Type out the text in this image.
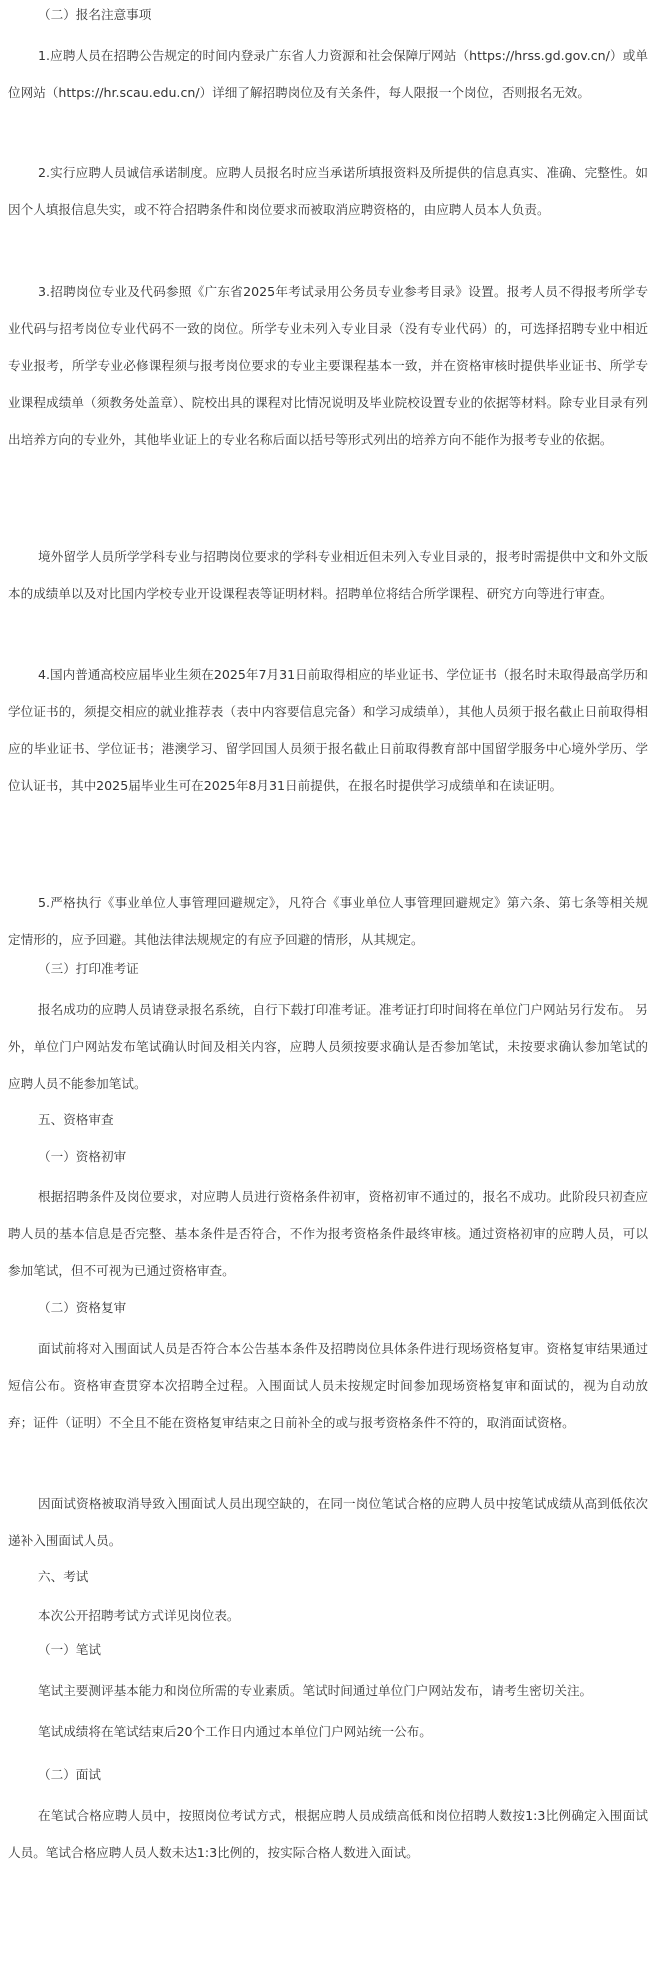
（二）报名注意事项

1.应聘人员在招聘公告规定的时间内登录广东省人力资源和社会保障厅网站（https://hrss.gd.gov.cn/）或单位网站（https://hr.scau.edu.cn/）详细了解招聘岗位及有关条件，每人限报一个岗位，否则报名无效。

2.实行应聘人员诚信承诺制度。应聘人员报名时应当承诺所填报资料及所提供的信息真实、准确、完整性。如因个人填报信息失实，或不符合招聘条件和岗位要求而被取消应聘资格的，由应聘人员本人负责。

3.招聘岗位专业及代码参照《广东省2025年考试录用公务员专业参考目录》设置。报考人员不得报考所学专业代码与招考岗位专业代码不一致的岗位。所学专业未列入专业目录（没有专业代码）的，可选择招聘专业中相近专业报考，所学专业必修课程须与报考岗位要求的专业主要课程基本一致，并在资格审核时提供毕业证书、所学专业课程成绩单（须教务处盖章）、院校出具的课程对比情况说明及毕业院校设置专业的依据等材料。除专业目录有列出培养方向的专业外，其他毕业证上的专业名称后面以括号等形式列出的培养方向不能作为报考专业的依据。

境外留学人员所学学科专业与招聘岗位要求的学科专业相近但未列入专业目录的，报考时需提供中文和外文版本的成绩单以及对比国内学校专业开设课程表等证明材料。招聘单位将结合所学课程、研究方向等进行审查。

4.国内普通高校应届毕业生须在2025年7月31日前取得相应的毕业证书、学位证书（报名时未取得最高学历和学位证书的，须提交相应的就业推荐表（表中内容要信息完备）和学习成绩单），其他人员须于报名截止日前取得相应的毕业证书、学位证书；港澳学习、留学回国人员须于报名截止日前取得教育部中国留学服务中心境外学历、学位认证书，其中2025届毕业生可在2025年8月31日前提供，在报名时提供学习成绩单和在读证明。

5.严格执行《事业单位人事管理回避规定》，凡符合《事业单位人事管理回避规定》第六条、第七条等相关规定情形的，应予回避。其他法律法规规定的有应予回避的情形，从其规定。

（三）打印准考证

报名成功的应聘人员请登录报名系统，自行下载打印准考证。准考证打印时间将在单位门户网站另行发布。 另外，单位门户网站发布笔试确认时间及相关内容，应聘人员须按要求确认是否参加笔试，未按要求确认参加笔试的应聘人员不能参加笔试。

五、资格审查
（一）资格初审

根据招聘条件及岗位要求，对应聘人员进行资格条件初审，资格初审不通过的，报名不成功。此阶段只初查应聘人员的基本信息是否完整、基本条件是否符合，不作为报考资格条件最终审核。通过资格初审的应聘人员，可以参加笔试，但不可视为已通过资格审查。

（二）资格复审

面试前将对入围面试人员是否符合本公告基本条件及招聘岗位具体条件进行现场资格复审。资格复审结果通过短信公布。资格审查贯穿本次招聘全过程。入围面试人员未按规定时间参加现场资格复审和面试的，视为自动放弃；证件（证明）不全且不能在资格复审结束之日前补全的或与报考资格条件不符的，取消面试资格。

因面试资格被取消导致入围面试人员出现空缺的，在同一岗位笔试合格的应聘人员中按笔试成绩从高到低依次递补入围面试人员。

六、考试

本次公开招聘考试方式详见岗位表。

（一）笔试

笔试主要测评基本能力和岗位所需的专业素质。笔试时间通过单位门户网站发布，请考生密切关注。

笔试成绩将在笔试结束后20个工作日内通过本单位门户网站统一公布。

（二）面试

在笔试合格应聘人员中，按照岗位考试方式，根据应聘人员成绩高低和岗位招聘人数按1:3比例确定入围面试人员。笔试合格应聘人员人数未达1:3比例的，按实际合格人数进入面试。
